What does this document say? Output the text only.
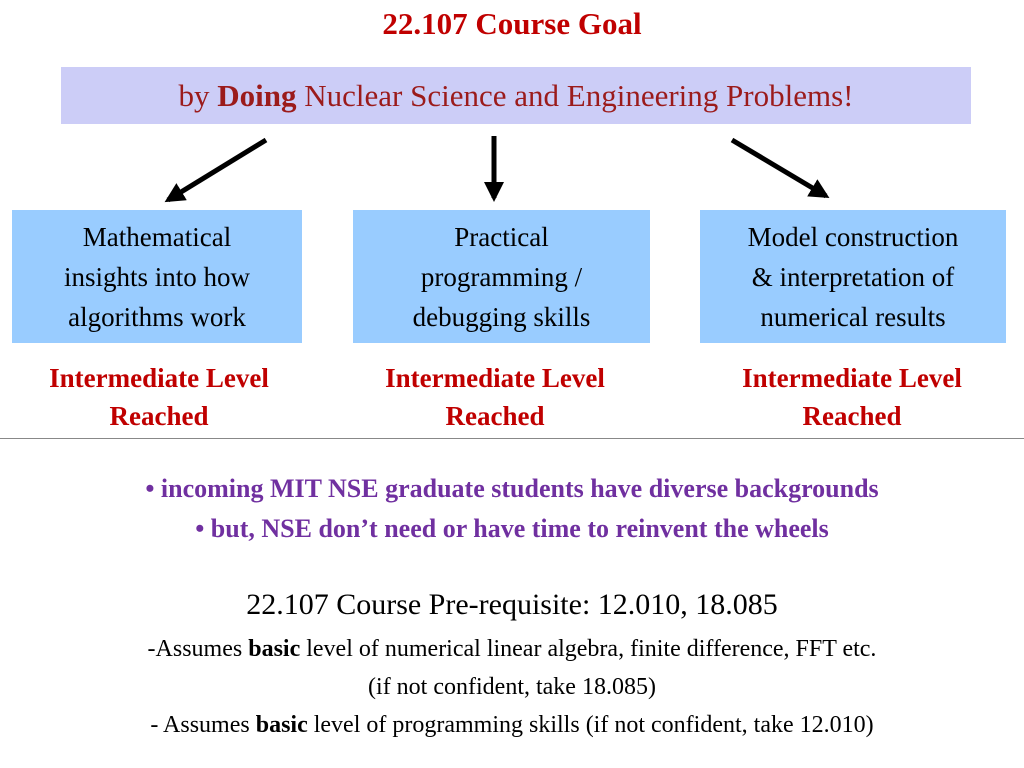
22.107 Course Goal
by Doing Nuclear Science and Engineering Problems!
Mathematical
insights into how
algorithms work
Intermediate Level
Reached
Practical
programming /
debugging skills
Intermediate Level
Reached
Model construction
& interpretation of
numerical results
Intermediate Level
Reached
• incoming MIT NSE graduate students have diverse backgrounds
• but, NSE don’t need or have time to reinvent the wheels
22.107 Course Pre-requisite: 12.010, 18.085
-Assumes basic level of numerical linear algebra, finite difference, FFT etc.
(if not confident, take 18.085)
- Assumes basic level of programming skills (if not confident, take 12.010)
